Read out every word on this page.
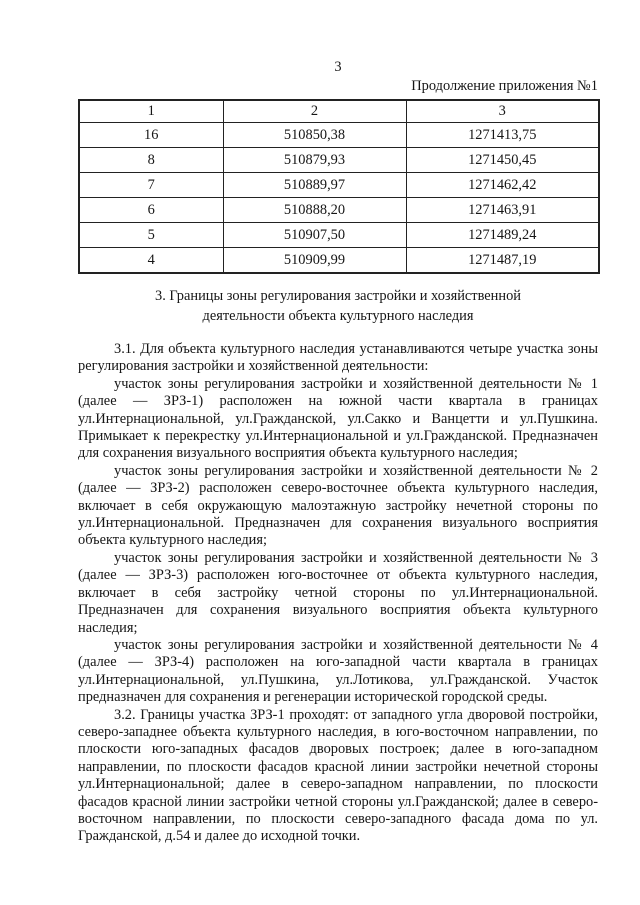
3
Продолжение приложения №1
1	2	3
16	510850,38	1271413,75
8	510879,93	1271450,45
7	510889,97	1271462,42
6	510888,20	1271463,91
5	510907,50	1271489,24
4	510909,99	1271487,19
3. Границы зоны регулирования застройки и хозяйственной
деятельности объекта культурного наследия

3.1. Для объекта культурного наследия устанавливаются четыре участка зоны регулирования застройки и хозяйственной деятельности:

участок зоны регулирования застройки и хозяйственной деятельности № 1 (далее — ЗРЗ-1) расположен на южной части квартала в границах ул.Интернациональной, ул.Гражданской, ул.Сакко и Ванцетти и ул.Пушкина. Примыкает к перекрестку ул.Интернациональной и ул.Гражданской. Предназначен для сохранения визуального восприятия объекта культурного наследия;

участок зоны регулирования застройки и хозяйственной деятельности № 2 (далее — ЗРЗ-2) расположен северо-восточнее объекта культурного наследия, включает в себя окружающую малоэтажную застройку нечетной стороны по ул.Интернациональной. Предназначен для сохранения визуального восприятия объекта культурного наследия;

участок зоны регулирования застройки и хозяйственной деятельности № 3 (далее — ЗРЗ-3) расположен юго-восточнее от объекта культурного наследия, включает в себя застройку четной стороны по ул.Интернациональной. Предназначен для сохранения визуального восприятия объекта культурного наследия;

участок зоны регулирования застройки и хозяйственной деятельности № 4 (далее — ЗРЗ-4) расположен на юго-западной части квартала в границах ул.Интернациональной, ул.Пушкина, ул.Лотикова, ул.Гражданской. Участок предназначен для сохранения и регенерации исторической городской среды.

3.2. Границы участка ЗРЗ-1 проходят: от западного угла дворовой постройки, северо-западнее объекта культурного наследия, в юго-восточном направлении, по плоскости юго-западных фасадов дворовых построек; далее в юго-западном направлении, по плоскости фасадов красной линии застройки нечетной стороны ул.Интернациональной; далее в северо-западном направлении, по плоскости фасадов красной линии застройки четной стороны ул.Гражданской; далее в северо-восточном направлении, по плоскости северо-западного фасада дома по ул. Гражданской, д.54 и далее до исходной точки.
